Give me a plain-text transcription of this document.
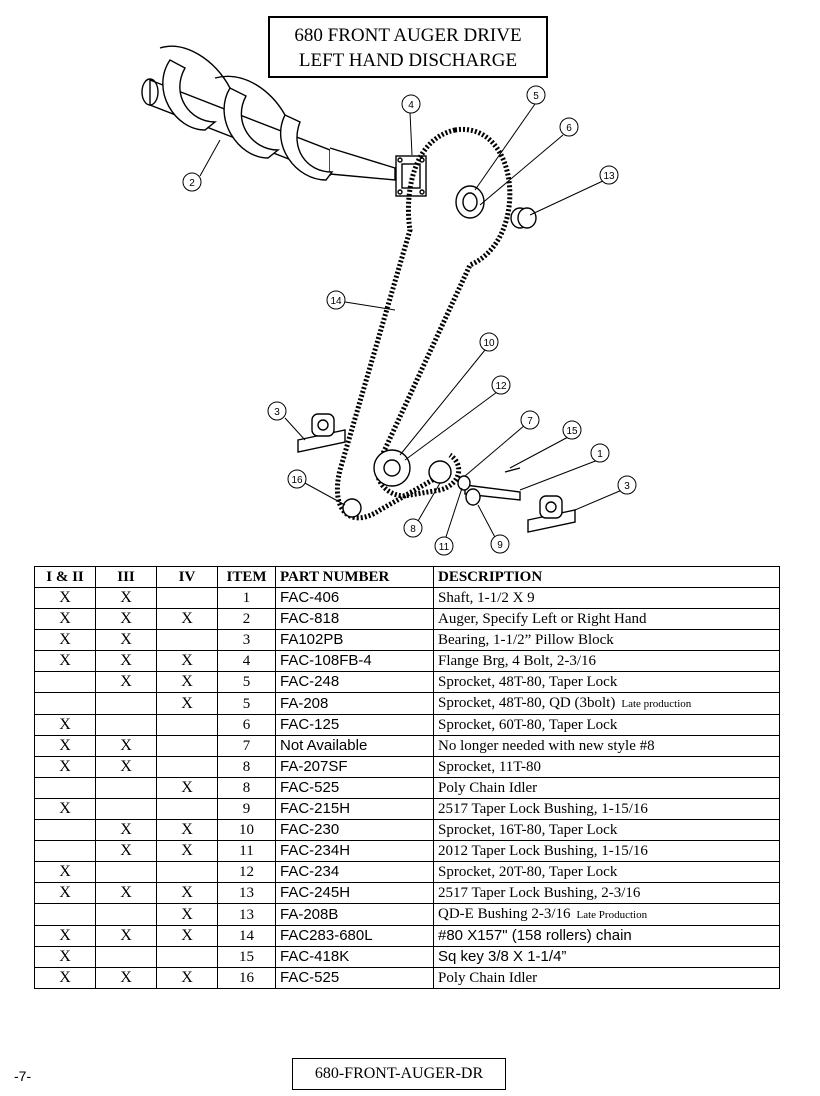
680 FRONT AUGER DRIVE
LEFT HAND DISCHARGE
2
4
5
6
13
14
10
12
3
7
15
1
3
16
8
11	9
I & II	III	IV	ITEM	PART NUMBER	DESCRIPTION
X	X		1	FAC-406	Shaft, 1-1/2 X 9
X	X	X	2	FAC-818	Auger, Specify Left or Right Hand
X	X		3	FA102PB	Bearing, 1-1/2” Pillow Block
X	X	X	4	FAC-108FB-4	Flange Brg, 4 Bolt, 2-3/16
	X	X	5	FAC-248	Sprocket, 48T-80, Taper Lock
		X	5	FA-208	Sprocket, 48T-80, QD (3bolt) Late production
X			6	FAC-125	Sprocket, 60T-80, Taper Lock
X	X		7	Not Available	No longer needed with new style #8
X	X		8	FA-207SF	Sprocket, 11T-80
		X	8	FAC-525	Poly Chain Idler
X			9	FAC-215H	2517 Taper Lock Bushing, 1-15/16
	X	X	10	FAC-230	Sprocket, 16T-80, Taper Lock
	X	X	11	FAC-234H	2012 Taper Lock Bushing, 1-15/16
X			12	FAC-234	Sprocket, 20T-80, Taper Lock
X	X	X	13	FAC-245H	2517 Taper Lock Bushing, 2-3/16
		X	13	FA-208B	QD-E Bushing 2-3/16 Late Production
X	X	X	14	FAC283-680L	#80 X157" (158 rollers) chain
X			15	FAC-418K	Sq key 3/8 X 1-1/4”
X	X	X	16	FAC-525	Poly Chain Idler
-7-	680-FRONT-AUGER-DR
